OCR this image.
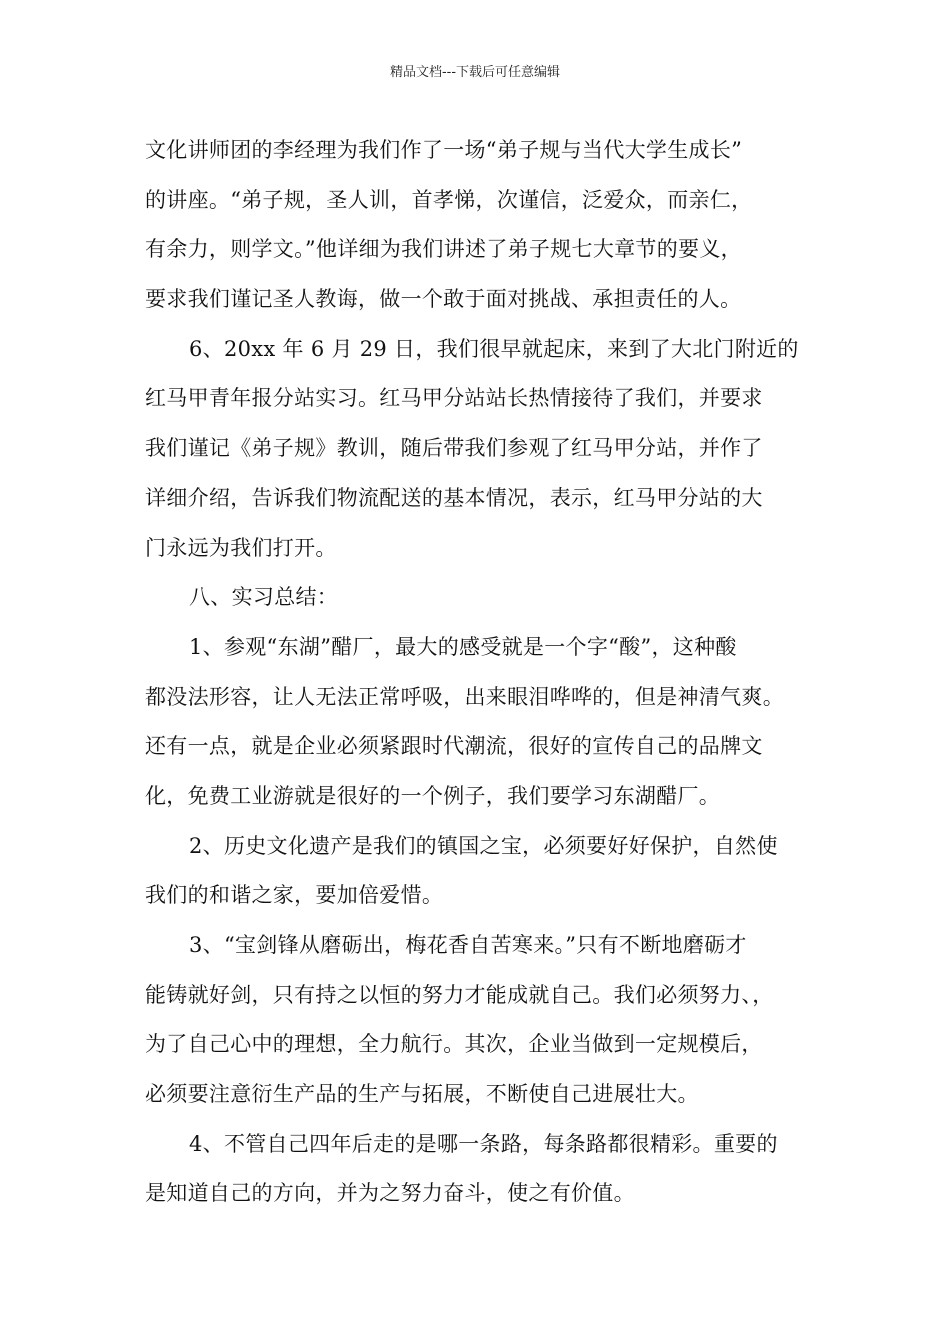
精品文档---下载后可任意编辑
文化讲师团的李经理为我们作了一场“弟子规与当代大学生成长”
的讲座。“弟子规，圣人训，首孝悌，次谨信，泛爱众，而亲仁，
有余力，则学文。”他详细为我们讲述了弟子规七大章节的要义，
要求我们谨记圣人教诲，做一个敢于面对挑战、承担责任的人。
6、20xx 年 6 月 29 日，我们很早就起床，来到了大北门附近的
红马甲青年报分站实习。红马甲分站站长热情接待了我们，并要求
我们谨记《弟子规》教训，随后带我们参观了红马甲分站，并作了
详细介绍，告诉我们物流配送的基本情况，表示，红马甲分站的大
门永远为我们打开。
八、实习总结：
1、参观“东湖”醋厂，最大的感受就是一个字“酸”，这种酸
都没法形容，让人无法正常呼吸，出来眼泪哗哗的，但是神清气爽。
还有一点，就是企业必须紧跟时代潮流，很好的宣传自己的品牌文
化，免费工业游就是很好的一个例子，我们要学习东湖醋厂。
2、历史文化遗产是我们的镇国之宝，必须要好好保护，自然使
我们的和谐之家，要加倍爱惜。
3、“宝剑锋从磨砺出，梅花香自苦寒来。”只有不断地磨砺才
能铸就好剑，只有持之以恒的努力才能成就自己。我们必须努力、，
为了自己心中的理想，全力航行。其次，企业当做到一定规模后，
必须要注意衍生产品的生产与拓展，不断使自己进展壮大。
4、不管自己四年后走的是哪一条路，每条路都很精彩。重要的
是知道自己的方向，并为之努力奋斗，使之有价值。
